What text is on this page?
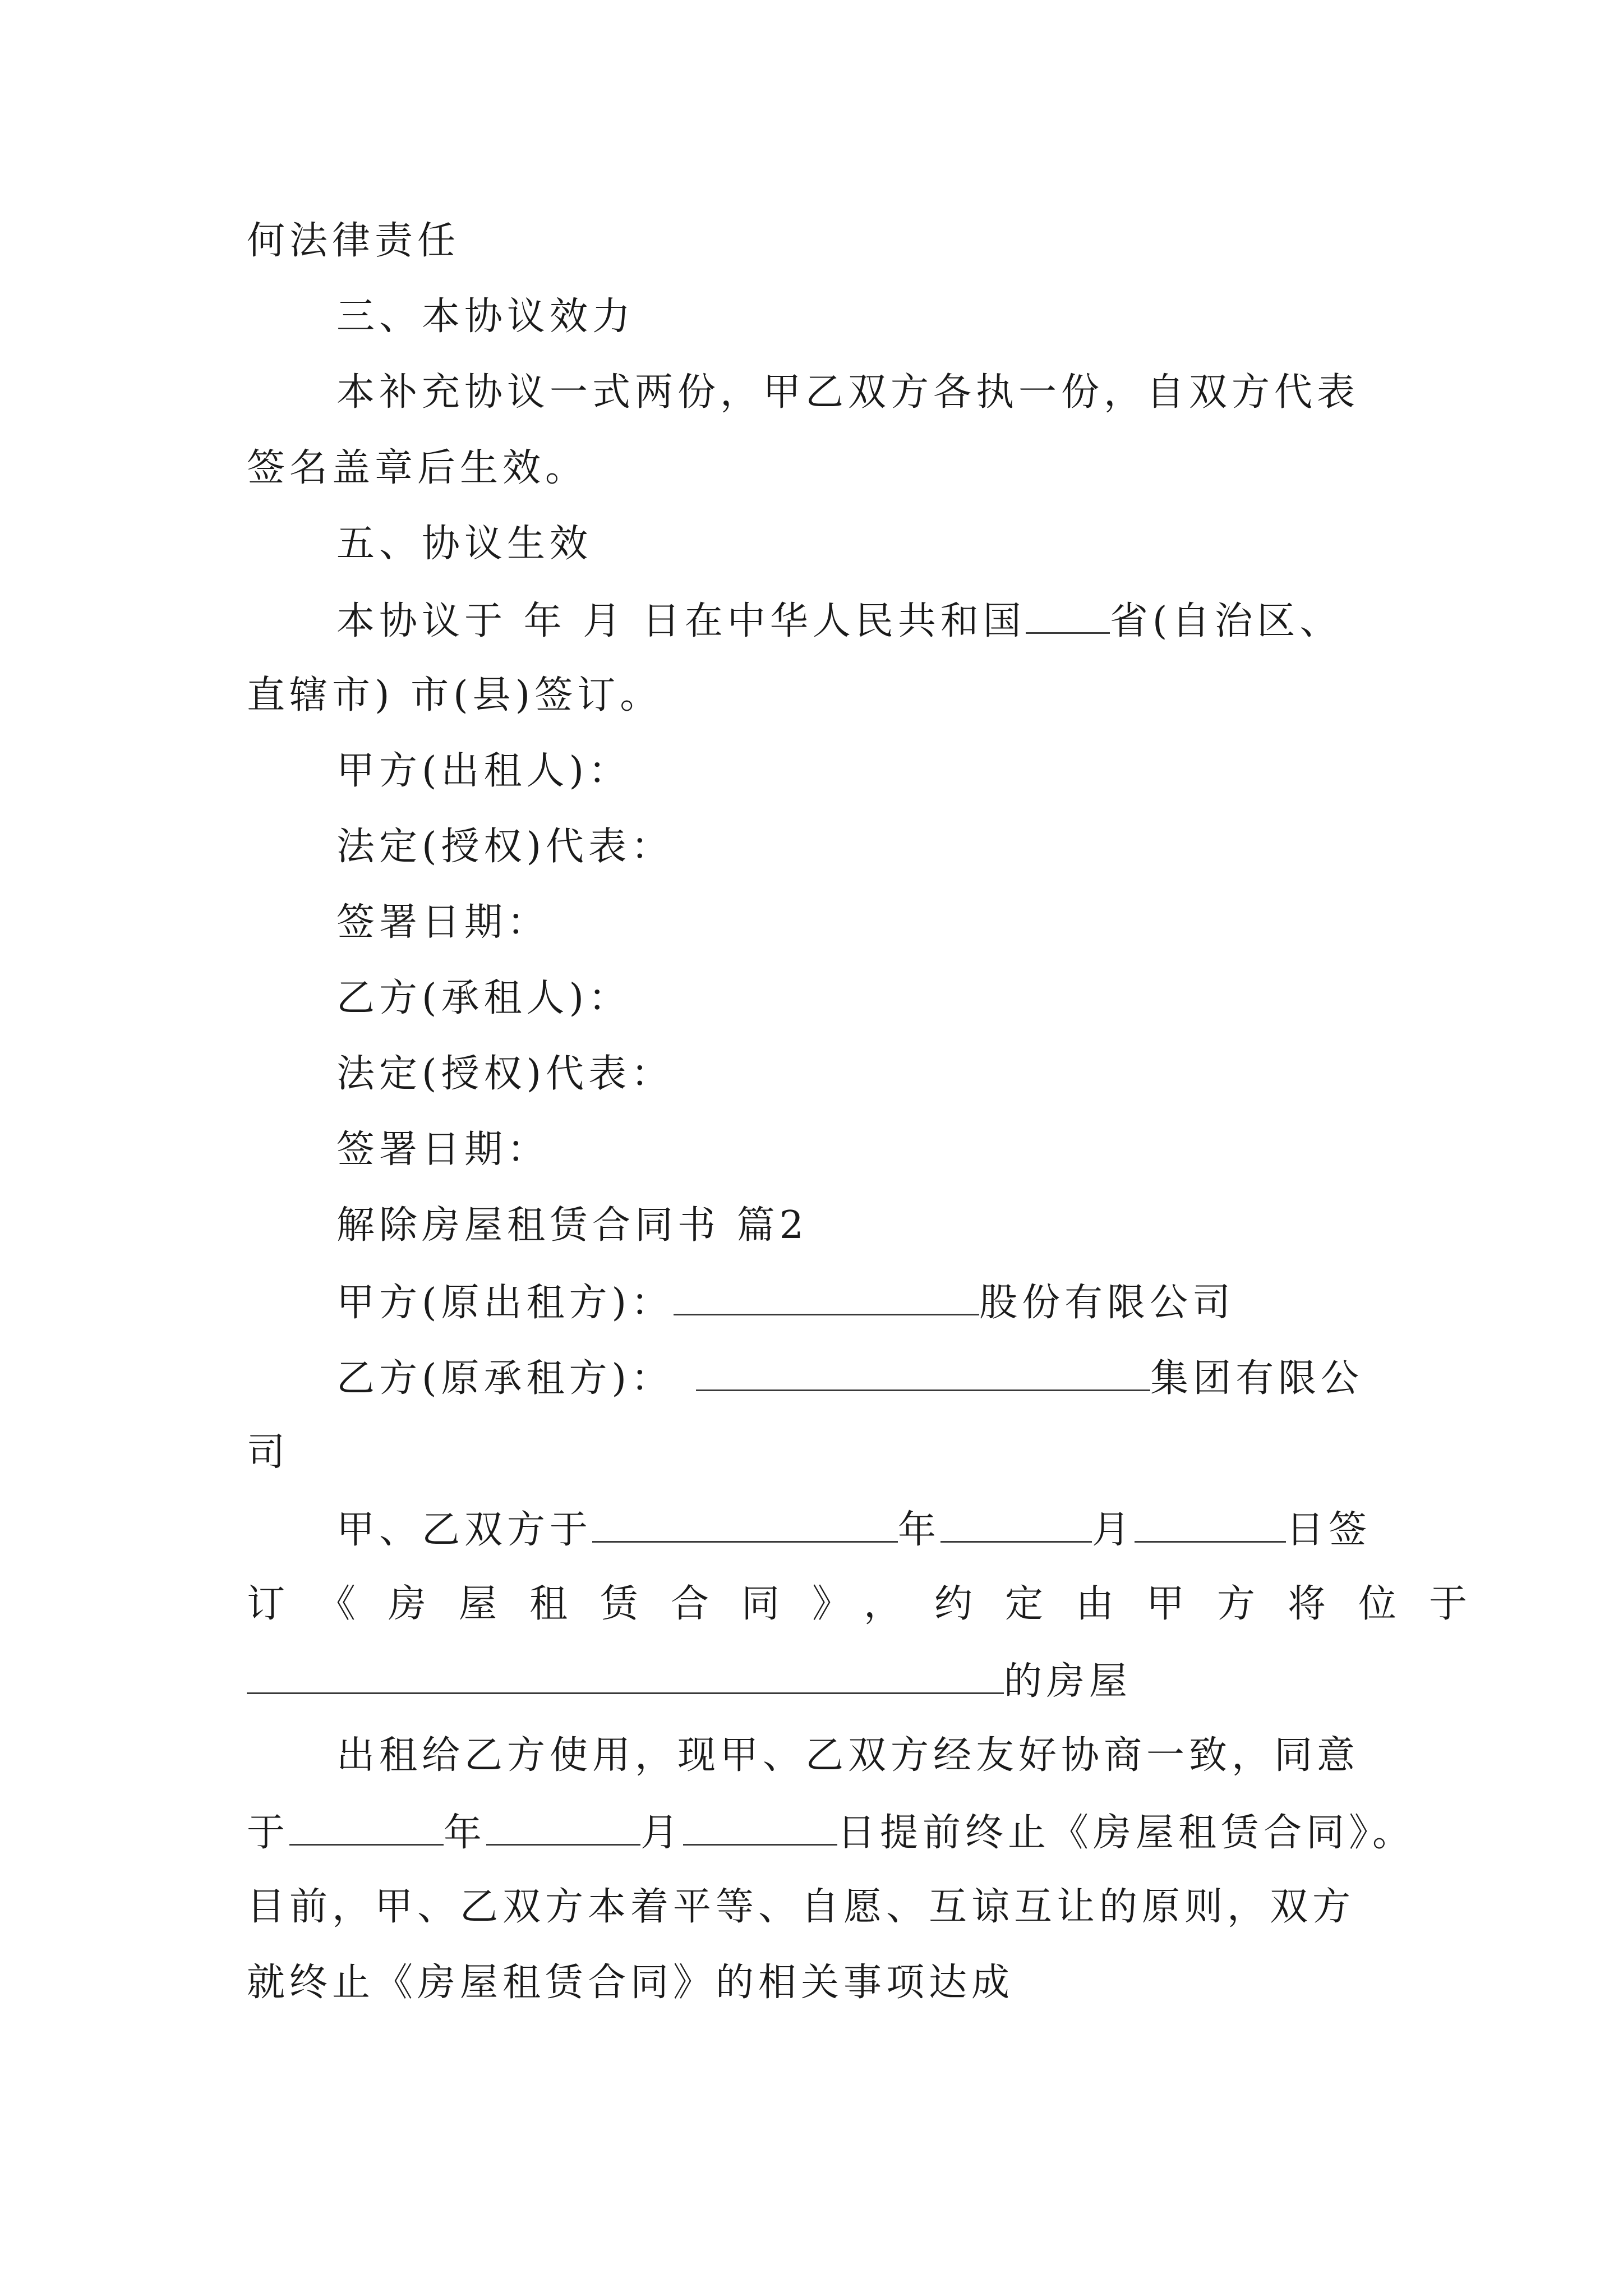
何法律责任
三、本协议效力
本补充协议一式两份，甲乙双方各执一份，自双方代表
签名盖章后生效。
五、协议生效
本协议于 年 月 日在中华人民共和国 省(自治区、
直辖市) 市(县)签订。
甲方(出租人)：
法定(授权)代表：
签署日期：
乙方(承租人)：
法定(授权)代表：
签署日期：
解除房屋租赁合同书 篇2
甲方(原出租方)：	股份有限公司
乙方(原承租方)：	集团有限公
司
甲、乙双方于	年	月	日签
订《房屋租赁合同》，约定由甲方将位于
的房屋
出租给乙方使用，现甲、乙双方经友好协商一致，同意
于	年	月	日提前终止《房屋租赁合同》。
目前，甲、乙双方本着平等、自愿、互谅互让的原则，双方
就终止《房屋租赁合同》的相关事项达成
